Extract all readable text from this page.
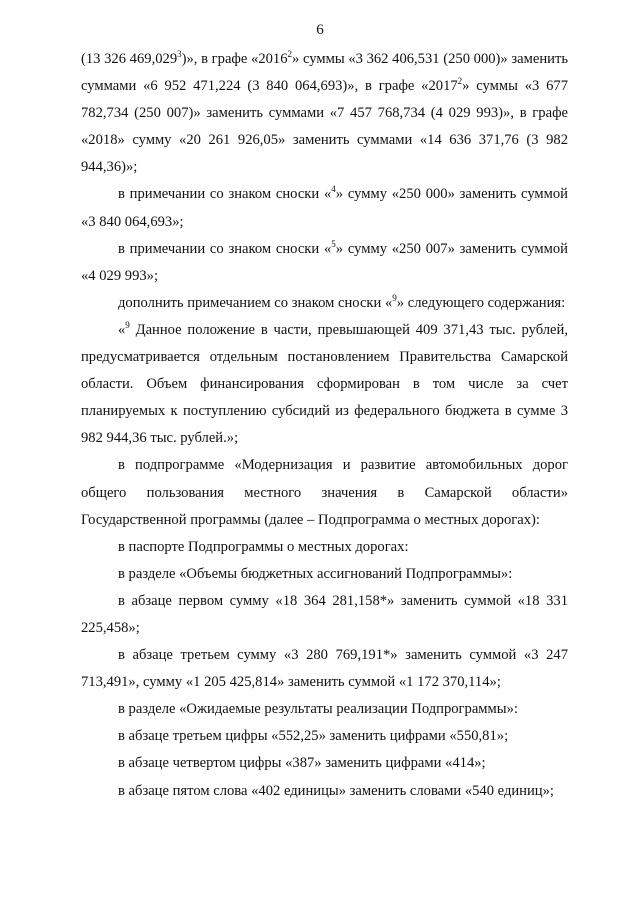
6

(13 326 469,029$^3$)», в графе «2016$^2$» суммы «3 362 406,531 (250 000)» заменить суммами «6 952 471,224 (3 840 064,693)», в графе «2017$^2$» суммы «3 677 782,734 (250 007)» заменить суммами «7 457 768,734 (4 029 993)», в графе «2018» сумму «20 261 926,05» заменить суммами «14 636 371,76 (3 982 944,36)»;

в примечании со знаком сноски «$^4$» сумму «250 000» заменить суммой «3 840 064,693»;

в примечании со знаком сноски «$^5$» сумму «250 007» заменить суммой «4 029 993»;

дополнить примечанием со знаком сноски «$^9$» следующего содержания:

«$^9$ Данное положение в части, превышающей 409 371,43 тыс. рублей, предусматривается отдельным постановлением Правительства Самарской области. Объем финансирования сформирован в том числе за счет планируемых к поступлению субсидий из федерального бюджета в сумме 3 982 944,36 тыс. рублей.»;

в подпрограмме «Модернизация и развитие автомобильных дорог общего пользования местного значения в Самарской области» Государственной программы (далее – Подпрограмма о местных дорогах):

в паспорте Подпрограммы о местных дорогах:

в разделе «Объемы бюджетных ассигнований Подпрограммы»:

в абзаце первом сумму «18 364 281,158*» заменить суммой «18 331 225,458»;

в абзаце третьем сумму «3 280 769,191*» заменить суммой «3 247 713,491», сумму «1 205 425,814» заменить суммой «1 172 370,114»;

в разделе «Ожидаемые результаты реализации Подпрограммы»:

в абзаце третьем цифры «552,25» заменить цифрами «550,81»;

в абзаце четвертом цифры «387» заменить цифрами «414»;

в абзаце пятом слова «402 единицы» заменить словами «540 единиц»;
